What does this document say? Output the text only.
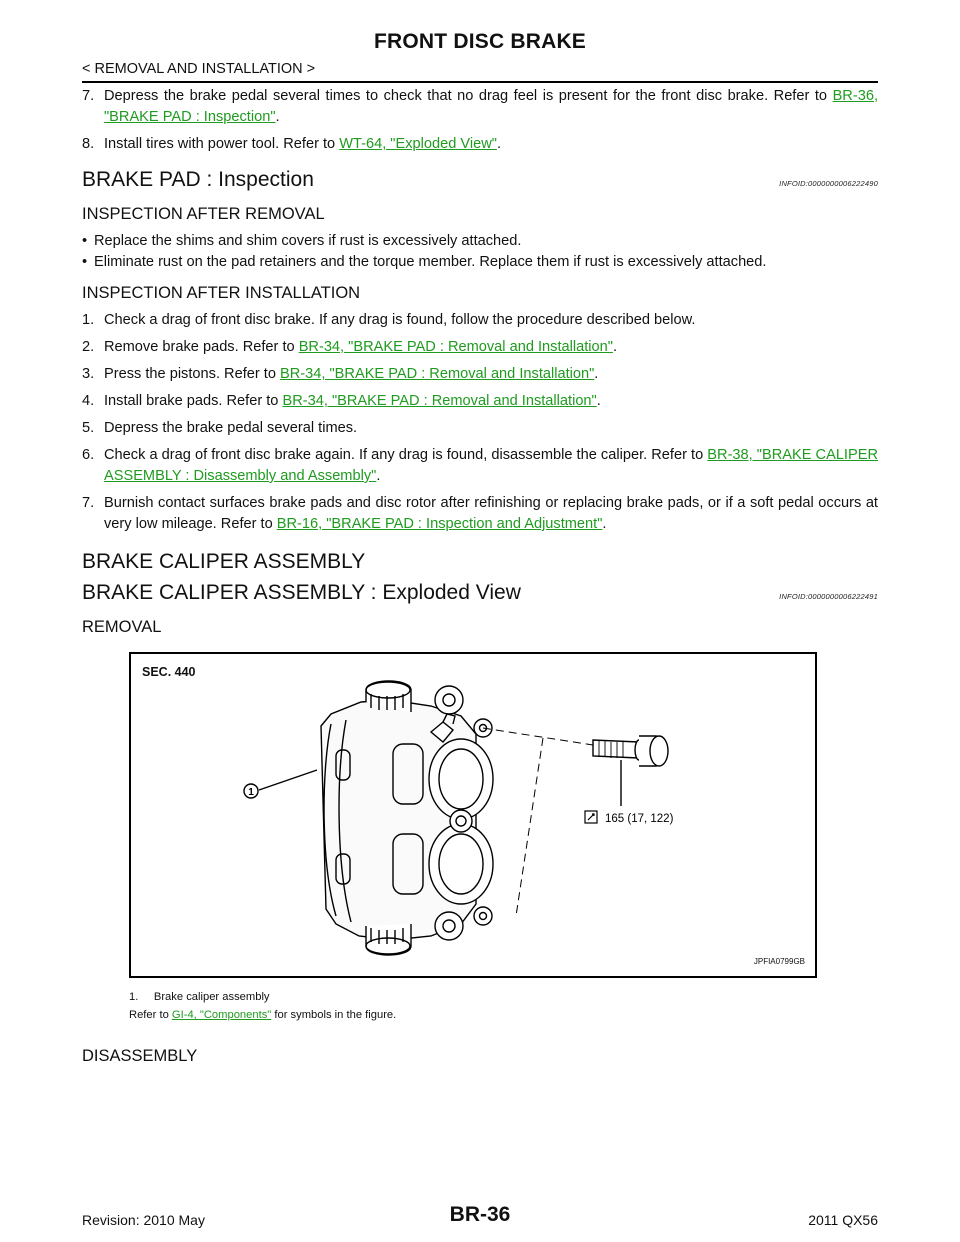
FRONT DISC BRAKE
< REMOVAL AND INSTALLATION >
7. Depress the brake pedal several times to check that no drag feel is present for the front disc brake. Refer to BR-36, "BRAKE PAD : Inspection".
8. Install tires with power tool. Refer to WT-64, "Exploded View".
BRAKE PAD : Inspection	INFOID:0000000006222490
INSPECTION AFTER REMOVAL
• Replace the shims and shim covers if rust is excessively attached.
• Eliminate rust on the pad retainers and the torque member. Replace them if rust is excessively attached.
INSPECTION AFTER INSTALLATION
1. Check a drag of front disc brake. If any drag is found, follow the procedure described below.
2. Remove brake pads. Refer to BR-34, "BRAKE PAD : Removal and Installation".
3. Press the pistons. Refer to BR-34, "BRAKE PAD : Removal and Installation".
4. Install brake pads. Refer to BR-34, "BRAKE PAD : Removal and Installation".
5. Depress the brake pedal several times.
6. Check a drag of front disc brake again. If any drag is found, disassemble the caliper. Refer to BR-38, "BRAKE CALIPER ASSEMBLY : Disassembly and Assembly".
7. Burnish contact surfaces brake pads and disc rotor after refinishing or replacing brake pads, or if a soft pedal occurs at very low mileage. Refer to BR-16, "BRAKE PAD : Inspection and Adjustment".
BRAKE CALIPER ASSEMBLY
BRAKE CALIPER ASSEMBLY : Exploded View	INFOID:0000000006222491
REMOVAL
SEC. 440
1
165 (17, 122)
JPFIA0799GB
1.     Brake caliper assembly
Refer to GI-4, "Components" for symbols in the figure.
DISASSEMBLY
Revision: 2010 May	BR-36	2011 QX56
